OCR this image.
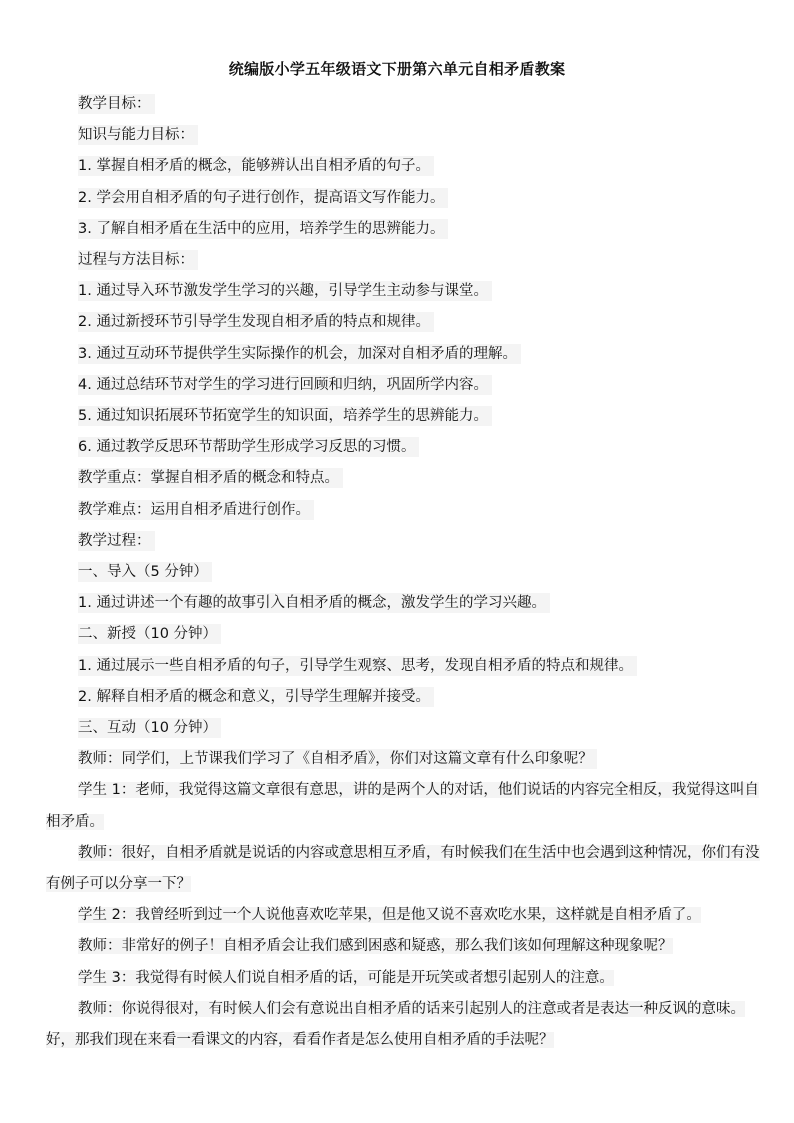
统编版小学五年级语文下册第六单元自相矛盾教案
教学目标：
知识与能力目标：
1. 掌握自相矛盾的概念，能够辨认出自相矛盾的句子。
2. 学会用自相矛盾的句子进行创作，提高语文写作能力。
3. 了解自相矛盾在生活中的应用，培养学生的思辨能力。
过程与方法目标：
1. 通过导入环节激发学生学习的兴趣，引导学生主动参与课堂。
2. 通过新授环节引导学生发现自相矛盾的特点和规律。
3. 通过互动环节提供学生实际操作的机会，加深对自相矛盾的理解。
4. 通过总结环节对学生的学习进行回顾和归纳，巩固所学内容。
5. 通过知识拓展环节拓宽学生的知识面，培养学生的思辨能力。
6. 通过教学反思环节帮助学生形成学习反思的习惯。
教学重点：掌握自相矛盾的概念和特点。
教学难点：运用自相矛盾进行创作。
教学过程：
一、导入（5 分钟）
1. 通过讲述一个有趣的故事引入自相矛盾的概念，激发学生的学习兴趣。
二、新授（10 分钟）
1. 通过展示一些自相矛盾的句子，引导学生观察、思考，发现自相矛盾的特点和规律。
2. 解释自相矛盾的概念和意义，引导学生理解并接受。
三、互动（10 分钟）
教师：同学们，上节课我们学习了《自相矛盾》，你们对这篇文章有什么印象呢？
学生 1：老师，我觉得这篇文章很有意思，讲的是两个人的对话，他们说话的内容完全相反，我觉得这叫自相矛盾。
教师：很好，自相矛盾就是说话的内容或意思相互矛盾，有时候我们在生活中也会遇到这种情况，你们有没有例子可以分享一下？
学生 2：我曾经听到过一个人说他喜欢吃苹果，但是他又说不喜欢吃水果，这样就是自相矛盾了。
教师：非常好的例子！自相矛盾会让我们感到困惑和疑惑，那么我们该如何理解这种现象呢？
学生 3：我觉得有时候人们说自相矛盾的话，可能是开玩笑或者想引起别人的注意。
教师：你说得很对，有时候人们会有意说出自相矛盾的话来引起别人的注意或者是表达一种反讽的意味。好，那我们现在来看一看课文的内容，看看作者是怎么使用自相矛盾的手法呢？
